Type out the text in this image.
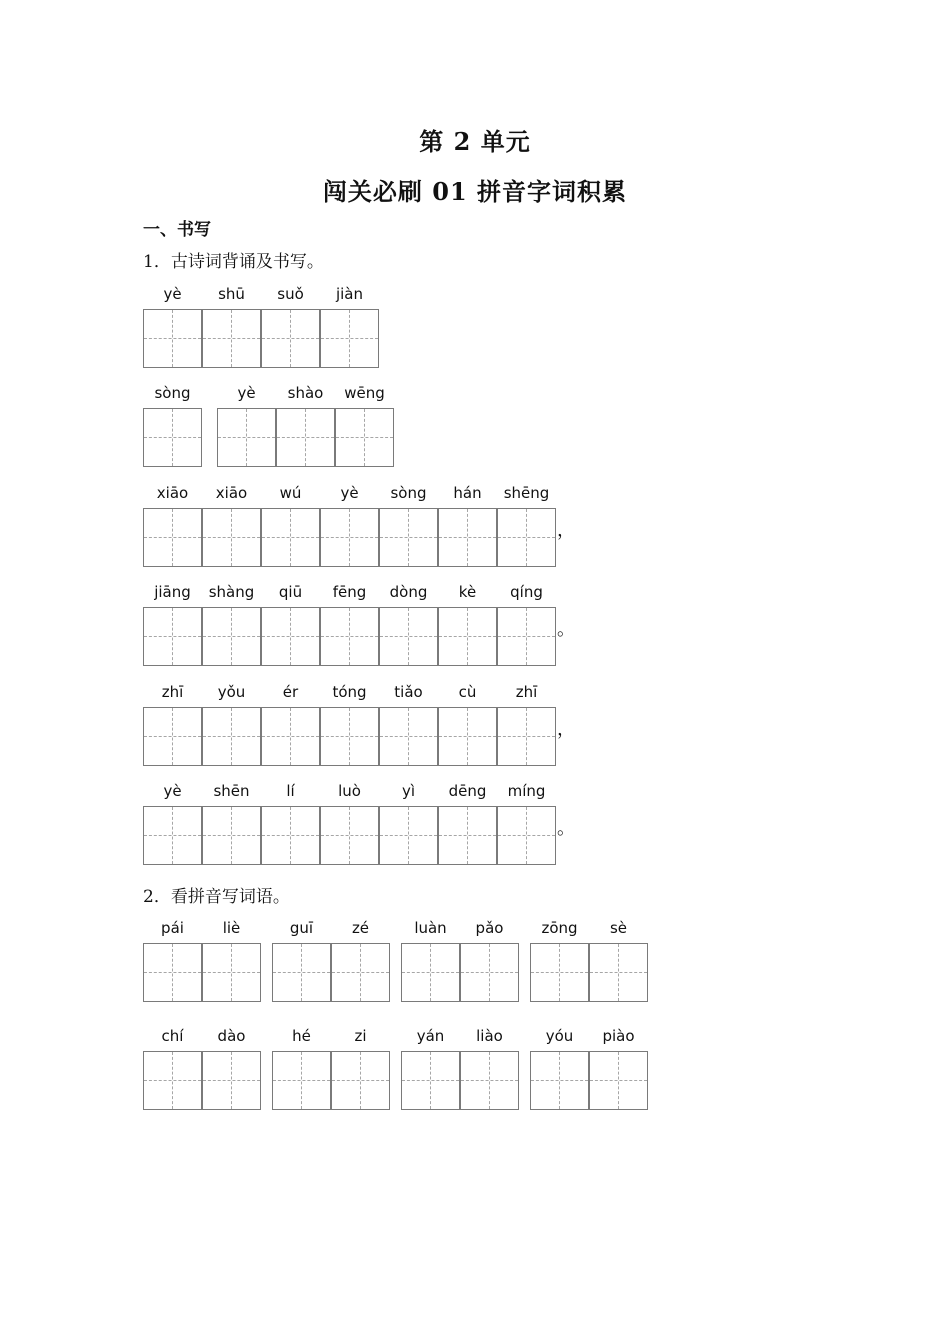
第 2 单元
闯关必刷 01 拼音字词积累
一、书写
1．古诗词背诵及书写。
2．看拼音写词语。
yè	shū	suǒ	jiàn
sòng	yè	shào	wēng
xiāo	xiāo	wú	yè	sòng	hán	shēng
，
jiāng	shàng	qiū	fēng	dòng	kè	qíng
。
zhī	yǒu	ér	tóng	tiǎo	cù	zhī
，
yè	shēn	lí	luò	yì	dēng	míng
。
pái	liè	guī	zé	luàn	pǎo	zōng	sè
chí	dào	hé	zi	yán	liào	yóu	piào
